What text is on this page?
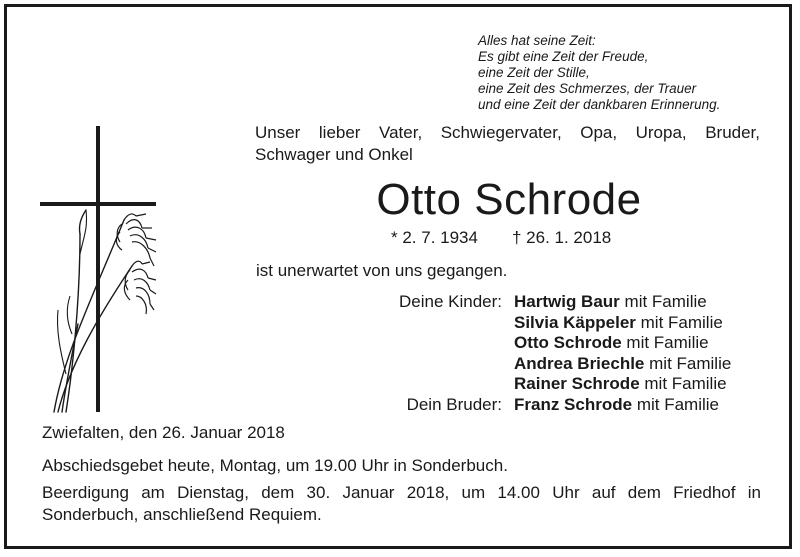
Alles hat seine Zeit:
Es gibt eine Zeit der Freude,
eine Zeit der Stille,
eine Zeit des Schmerzes, der Trauer
und eine Zeit der dankbaren Erinnerung.
Unser lieber Vater, Schwiegervater, Opa, Uropa, Bruder,
Schwager und Onkel
Otto Schrode
* 2. 7. 1934 † 26. 1. 2018
ist unerwartet von uns gegangen.
Deine Kinder:	Hartwig Baur mit Familie
	Silvia Käppeler mit Familie
	Otto Schrode mit Familie
	Andrea Briechle mit Familie
	Rainer Schrode mit Familie
Dein Bruder:	Franz Schrode mit Familie
Zwiefalten, den 26. Januar 2018
Abschiedsgebet heute, Montag, um 19.00 Uhr in Sonderbuch.
Beerdigung am Dienstag, dem 30. Januar 2018, um 14.00 Uhr auf dem Friedhof in
Sonderbuch, anschließend Requiem.
